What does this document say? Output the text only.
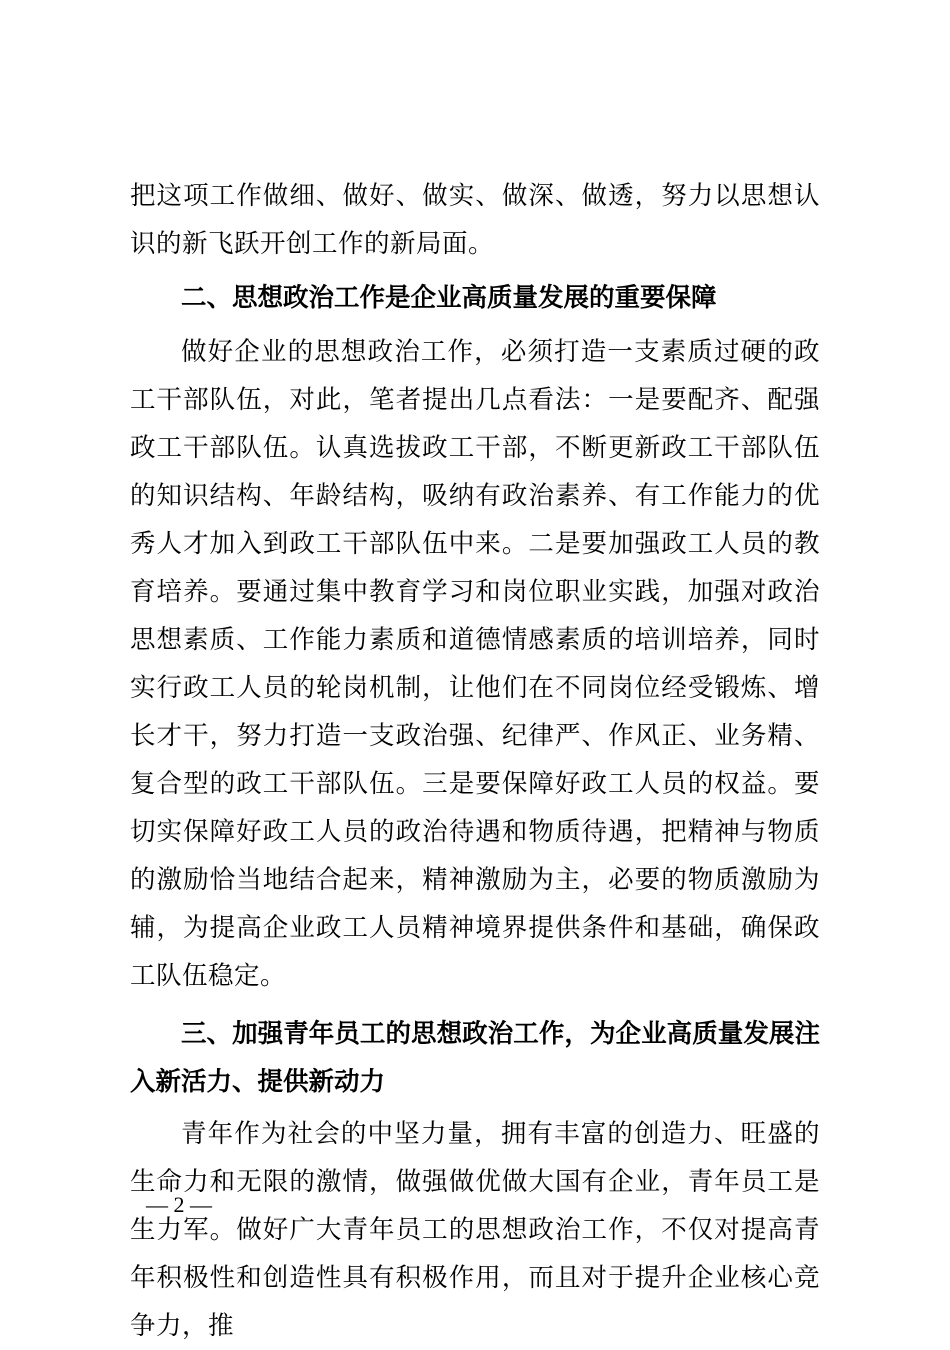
把这项工作做细、做好、做实、做深、做透，努力以思想认识的新飞跃开创工作的新局面。

二、思想政治工作是企业高质量发展的重要保障

做好企业的思想政治工作，必须打造一支素质过硬的政工干部队伍，对此，笔者提出几点看法：一是要配齐、配强政工干部队伍。认真选拔政工干部，不断更新政工干部队伍的知识结构、年龄结构，吸纳有政治素养、有工作能力的优秀人才加入到政工干部队伍中来。二是要加强政工人员的教育培养。要通过集中教育学习和岗位职业实践，加强对政治思想素质、工作能力素质和道德情感素质的培训培养，同时实行政工人员的轮岗机制，让他们在不同岗位经受锻炼、增长才干，努力打造一支政治强、纪律严、作风正、业务精、复合型的政工干部队伍。三是要保障好政工人员的权益。要切实保障好政工人员的政治待遇和物质待遇，把精神与物质的激励恰当地结合起来，精神激励为主，必要的物质激励为辅，为提高企业政工人员精神境界提供条件和基础，确保政工队伍稳定。

三、加强青年员工的思想政治工作，为企业高质量发展注入新活力、提供新动力

青年作为社会的中坚力量，拥有丰富的创造力、旺盛的生命力和无限的激情，做强做优做大国有企业，青年员工是生力军。做好广大青年员工的思想政治工作，不仅对提高青年积极性和创造性具有积极作用，而且对于提升企业核心竞争力，推

— 2 —
